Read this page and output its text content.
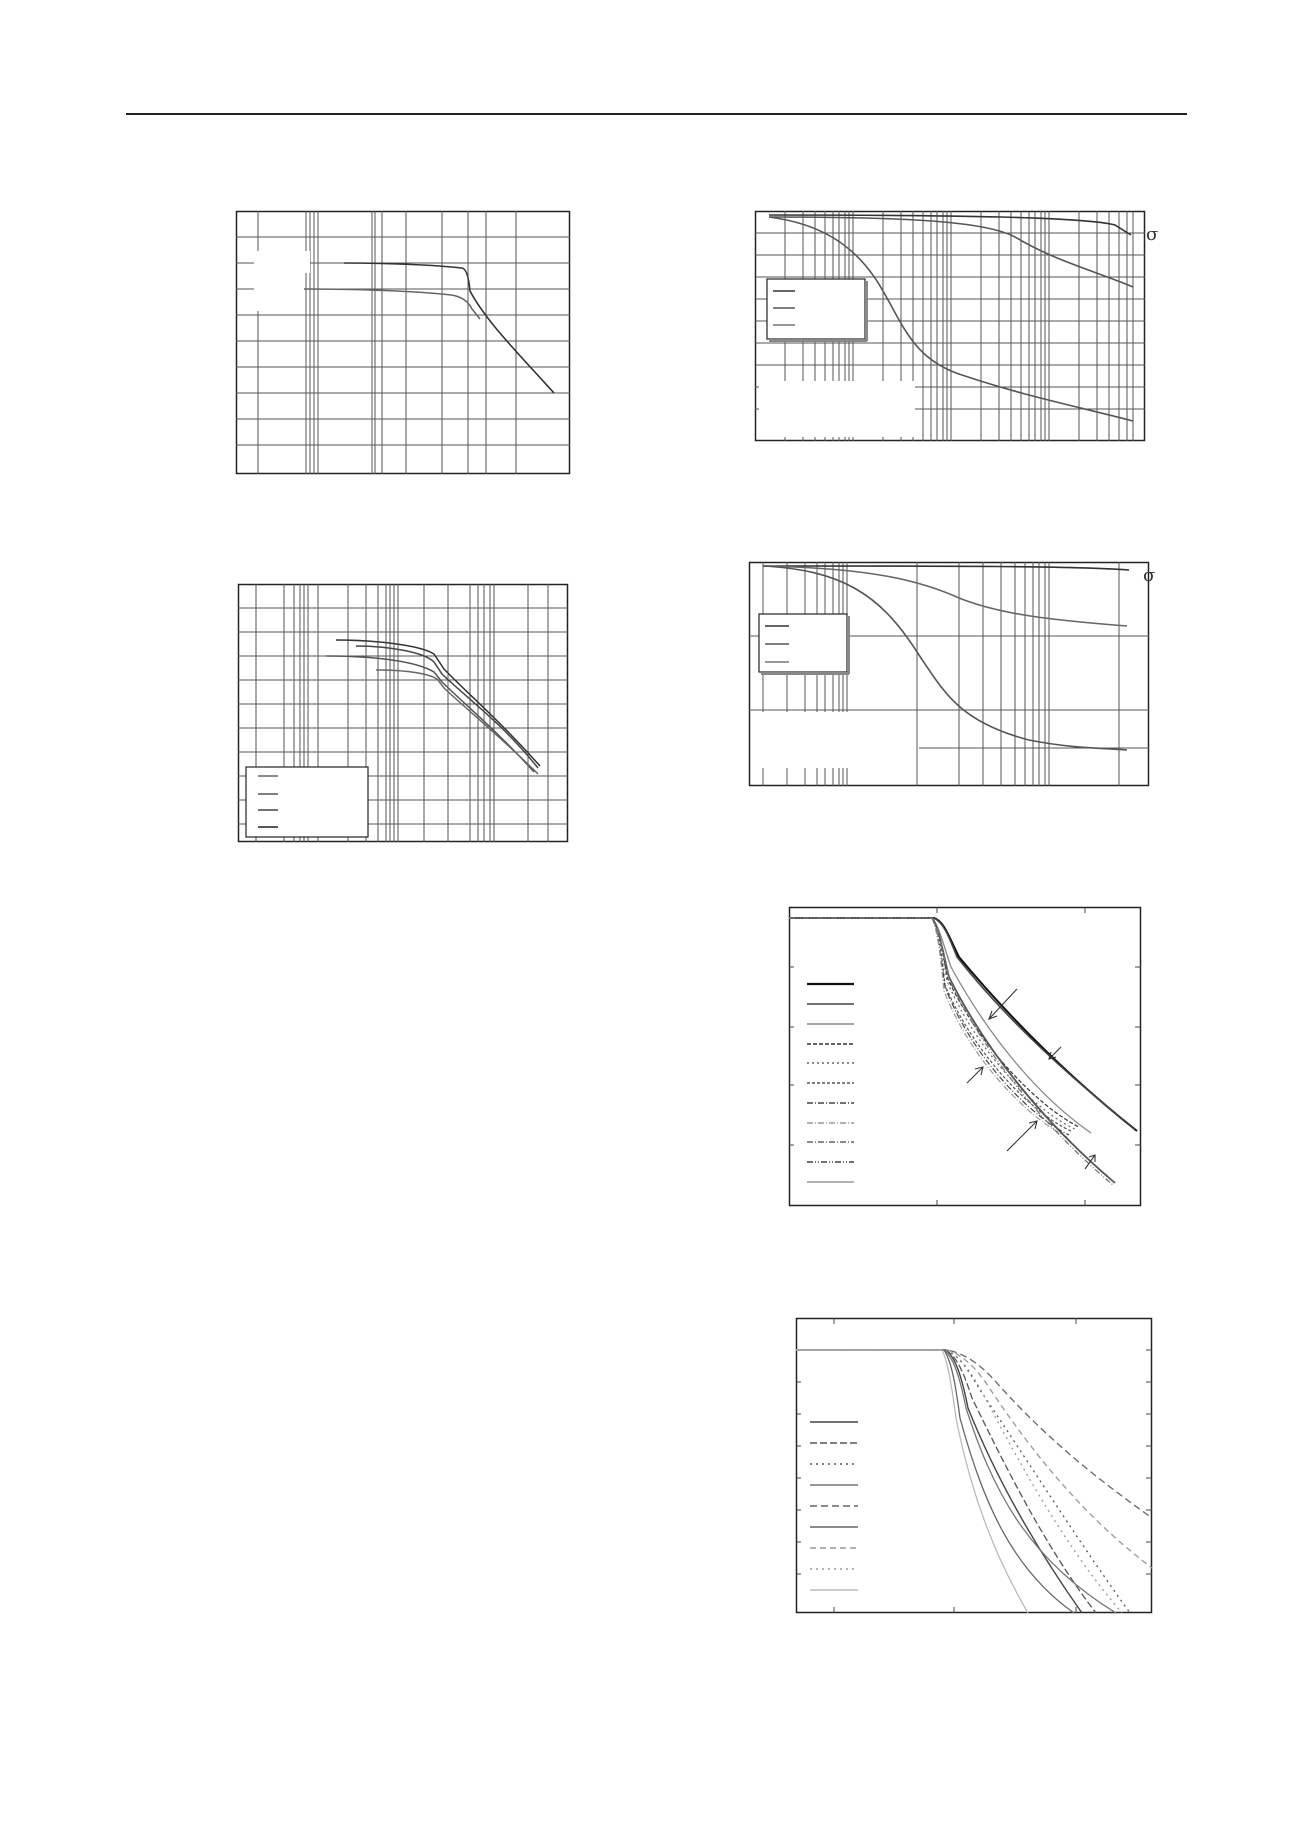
σ
σ
